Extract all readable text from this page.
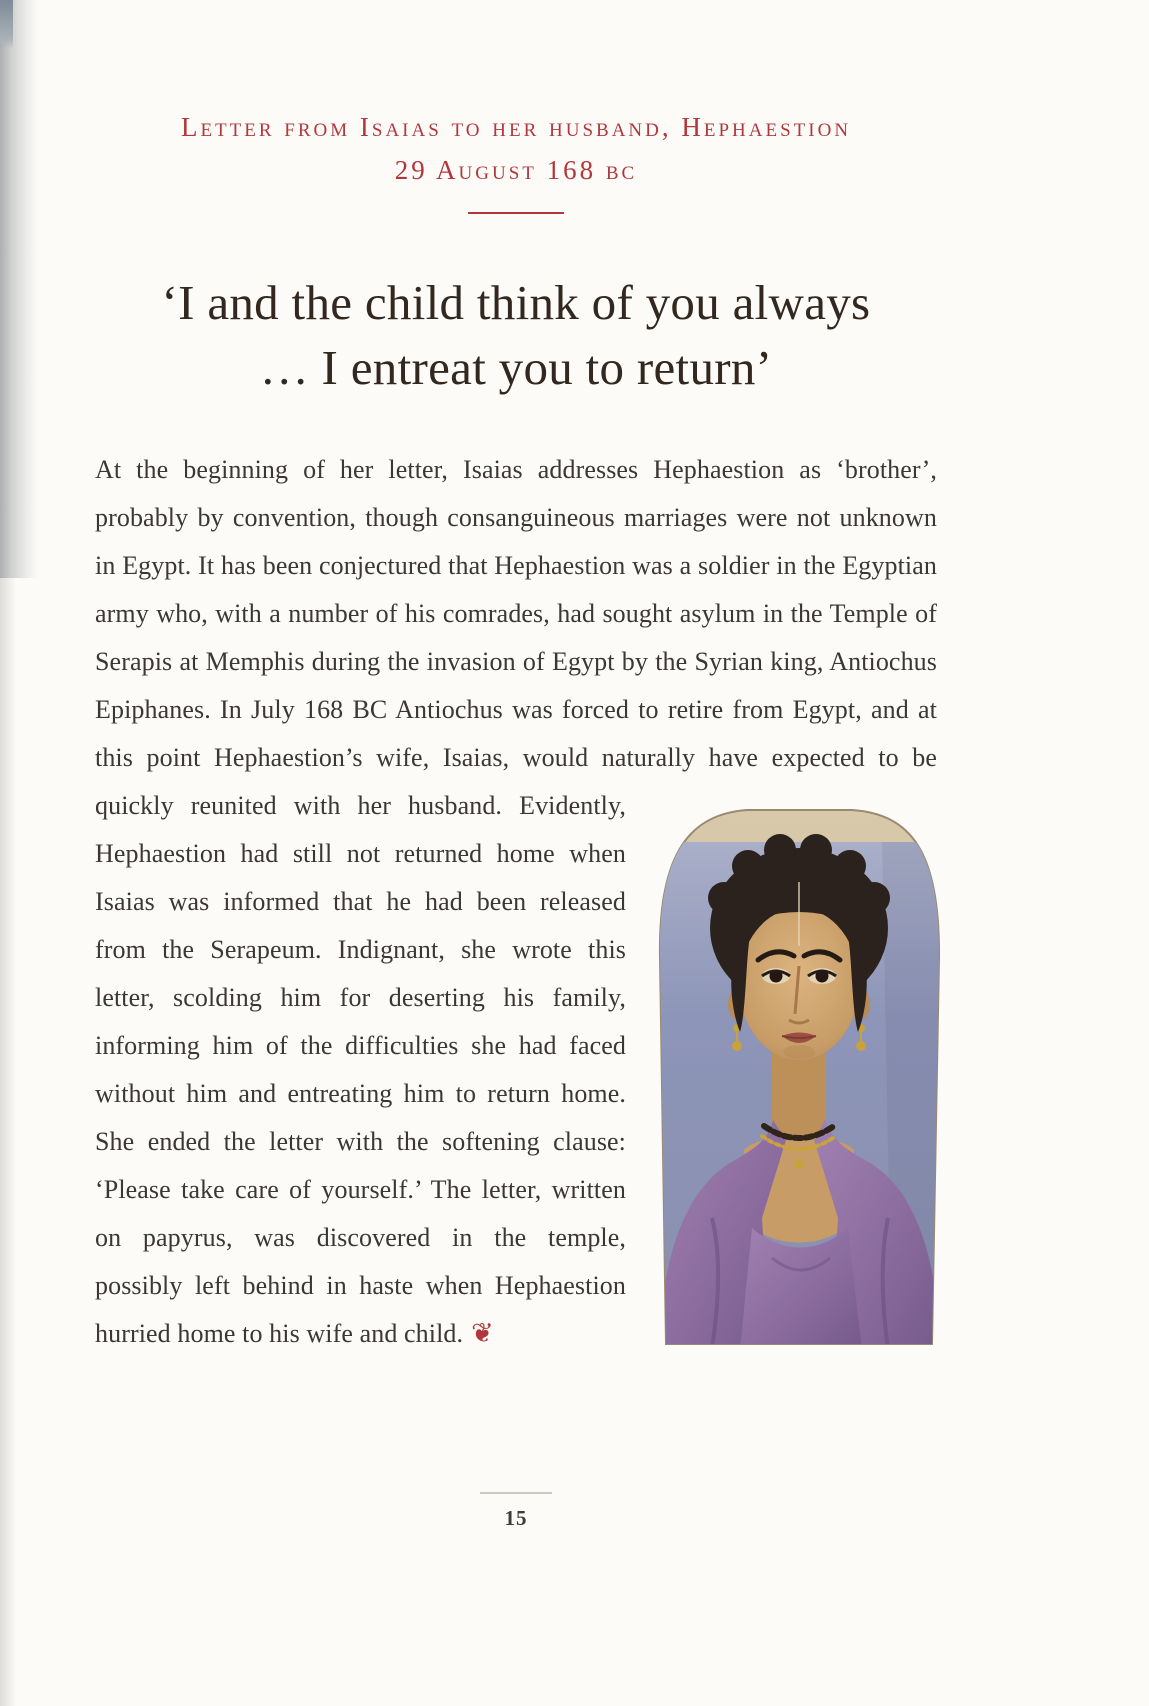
Letter from Isaias to her husband, Hephaestion
29 August 168 bc
‘I and the child think of you always
… I entreat you to return’
At the beginning of her letter, Isaias addresses Hephaestion as ‘brother’, probably by convention, though consanguineous marriages were not unknown in Egypt. It has been conjectured that Hephaestion was a soldier in the Egyptian army who, with a number of his comrades, had sought asylum in the Temple of Serapis at Memphis during the invasion of Egypt by the Syrian king, Antiochus Epiphanes. In July 168 BC Antiochus was forced to retire from Egypt, and at this point Hephaestion’s wife, Isaias, would naturally have expected to be
quickly reunited with her husband. Evidently, Hephaestion had still not returned home when Isaias was informed that he had been released from the Serapeum. Indignant, she wrote this letter, scolding him for deserting his family, informing him of the difficulties she had faced without him and entreating him to return home. She ended the letter with the softening clause: ‘Please take care of yourself.’ The letter, written on papyrus, was discovered in the temple, possibly left behind in haste when Hephaestion hurried home to his wife and child. ❦
15
